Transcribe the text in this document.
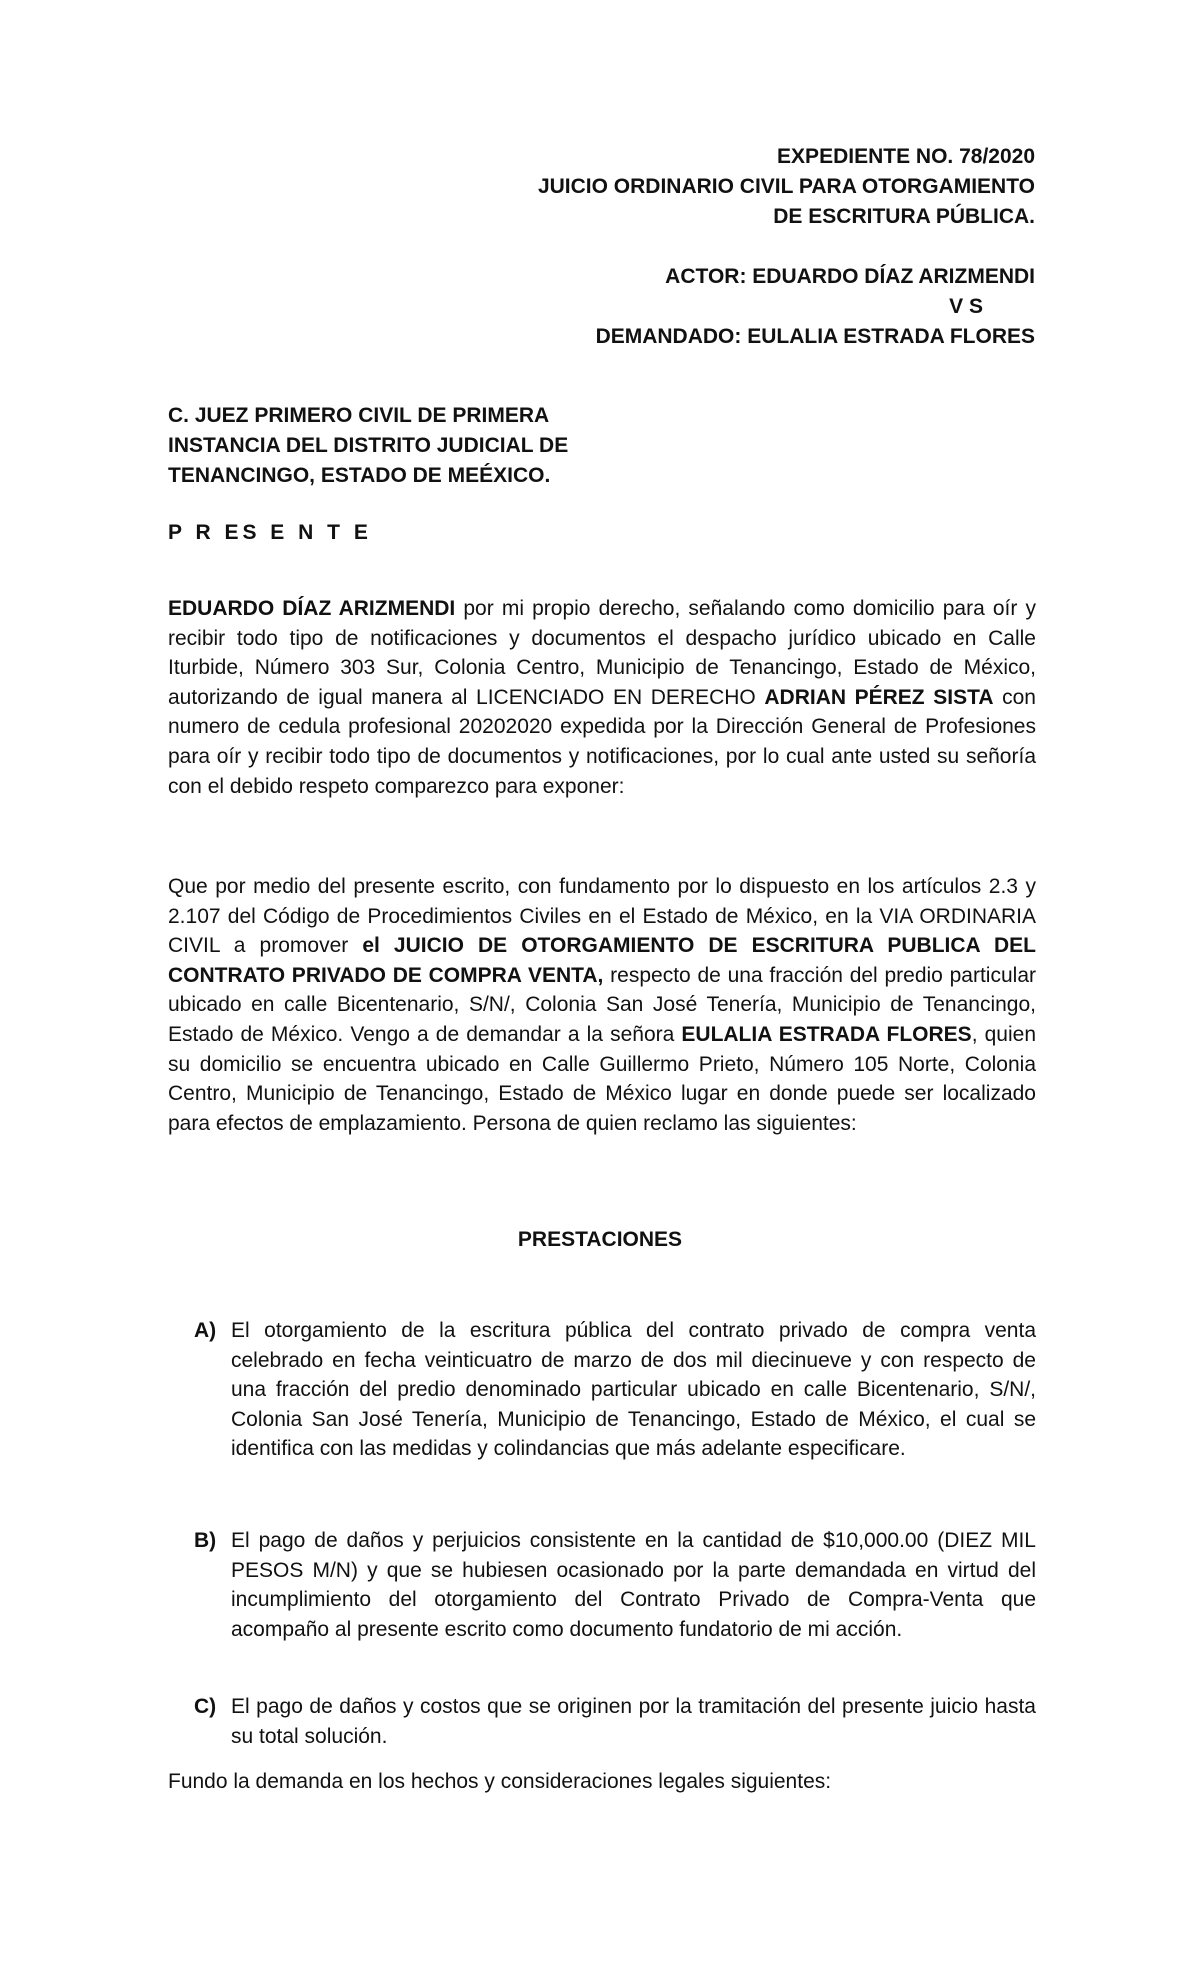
EXPEDIENTE NO. 78/2020
JUICIO ORDINARIO CIVIL PARA OTORGAMIENTO
DE ESCRITURA PÚBLICA.
ACTOR: EDUARDO DÍAZ ARIZMENDI
V S
DEMANDADO: EULALIA ESTRADA FLORES
C. JUEZ PRIMERO CIVIL DE PRIMERA
INSTANCIA DEL DISTRITO JUDICIAL DE
TENANCINGO, ESTADO DE MEÉXICO.
P R ES E N T E
EDUARDO DÍAZ ARIZMENDI por mi propio derecho, señalando como domicilio para oír y recibir todo tipo de notificaciones y documentos el despacho jurídico ubicado en Calle Iturbide, Número 303 Sur, Colonia Centro, Municipio de Tenancingo, Estado de México, autorizando de igual manera al LICENCIADO EN DERECHO ADRIAN PÉREZ SISTA con numero de cedula profesional 20202020 expedida por la Dirección General de Profesiones para oír y recibir todo tipo de documentos y notificaciones, por lo cual ante usted su señoría con el debido respeto comparezco para exponer:
Que por medio del presente escrito, con fundamento por lo dispuesto en los artículos 2.3 y 2.107 del Código de Procedimientos Civiles en el Estado de México, en la VIA ORDINARIA CIVIL a promover el JUICIO DE OTORGAMIENTO DE ESCRITURA PUBLICA DEL CONTRATO PRIVADO DE COMPRA VENTA, respecto de una fracción del predio particular ubicado en calle Bicentenario, S/N/, Colonia San José Tenería, Municipio de Tenancingo, Estado de México. Vengo a de demandar a la señora EULALIA ESTRADA FLORES, quien su domicilio se encuentra ubicado en Calle Guillermo Prieto, Número 105 Norte, Colonia Centro, Municipio de Tenancingo, Estado de México lugar en donde puede ser localizado para efectos de emplazamiento. Persona de quien reclamo las siguientes:
PRESTACIONES
A) El otorgamiento de la escritura pública del contrato privado de compra venta celebrado en fecha veinticuatro de marzo de dos mil diecinueve y con respecto de una fracción del predio denominado particular ubicado en calle Bicentenario, S/N/, Colonia San José Tenería, Municipio de Tenancingo, Estado de México, el cual se identifica con las medidas y colindancias que más adelante especificare.
B) El pago de daños y perjuicios consistente en la cantidad de $10,000.00 (DIEZ MIL PESOS M/N) y que se hubiesen ocasionado por la parte demandada en virtud del incumplimiento del otorgamiento del Contrato Privado de Compra-Venta que acompaño al presente escrito como documento fundatorio de mi acción.
C) El pago de daños y costos que se originen por la tramitación del presente juicio hasta su total solución.
Fundo la demanda en los hechos y consideraciones legales siguientes:
